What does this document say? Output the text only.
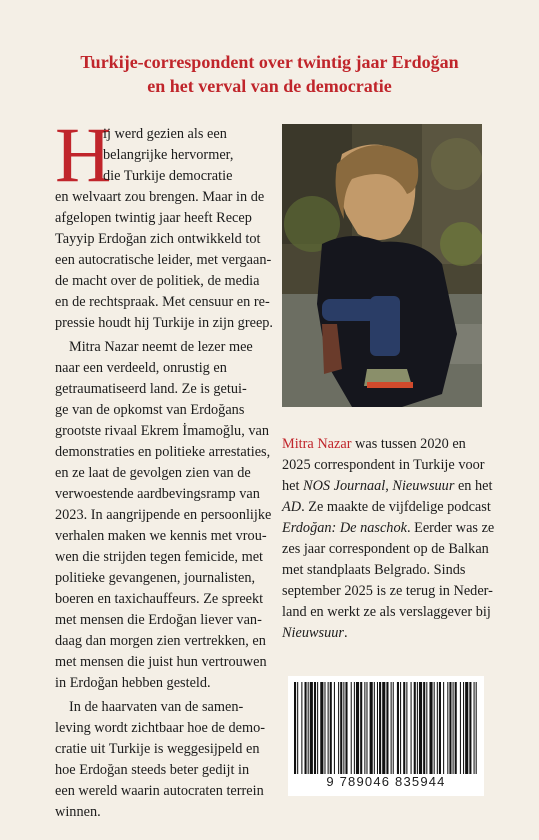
Turkije-correspondent over twintig jaar Erdoğan
en het verval van de democratie
H
ij werd gezien als een
belangrijke hervormer,
die Turkije democratie
en welvaart zou brengen. Maar in de
afgelopen twintig jaar heeft Recep
Tayyip Erdoğan zich ontwikkeld tot
een autocratische leider, met vergaan-
de macht over de politiek, de media
en de rechtspraak. Met censuur en re-
pressie houdt hij Turkije in zijn greep.
Mitra Nazar neemt de lezer mee
naar een verdeeld, onrustig en
getraumatiseerd land. Ze is getui-
ge van de opkomst van Erdoğans
grootste rivaal Ekrem İmamoğlu, van
demonstraties en politieke arrestaties,
en ze laat de gevolgen zien van de
verwoestende aardbevingsramp van
2023. In aangrijpende en persoonlijke
verhalen maken we kennis met vrou-
wen die strijden tegen femicide, met
politieke gevangenen, journalisten,
boeren en taxichauffeurs. Ze spreekt
met mensen die Erdoğan liever van-
daag dan morgen zien vertrekken, en
met mensen die juist hun vertrouwen
in Erdoğan hebben gesteld.
In de haarvaten van de samen-
leving wordt zichtbaar hoe de demo-
cratie uit Turkije is weggesijpeld en
hoe Erdoğan steeds beter gedijt in
een wereld waarin autocraten terrein
winnen.
Mitra Nazar was tussen 2020 en
2025 correspondent in Turkije voor
het NOS Journaal, Nieuwsuur en het
AD. Ze maakte de vijfdelige podcast
Erdoğan: De naschok. Eerder was ze
zes jaar correspondent op de Balkan
met standplaats Belgrado. Sinds
september 2025 is ze terug in Neder-
land en werkt ze als verslaggever bij
Nieuwsuur.
9 789046 835944
